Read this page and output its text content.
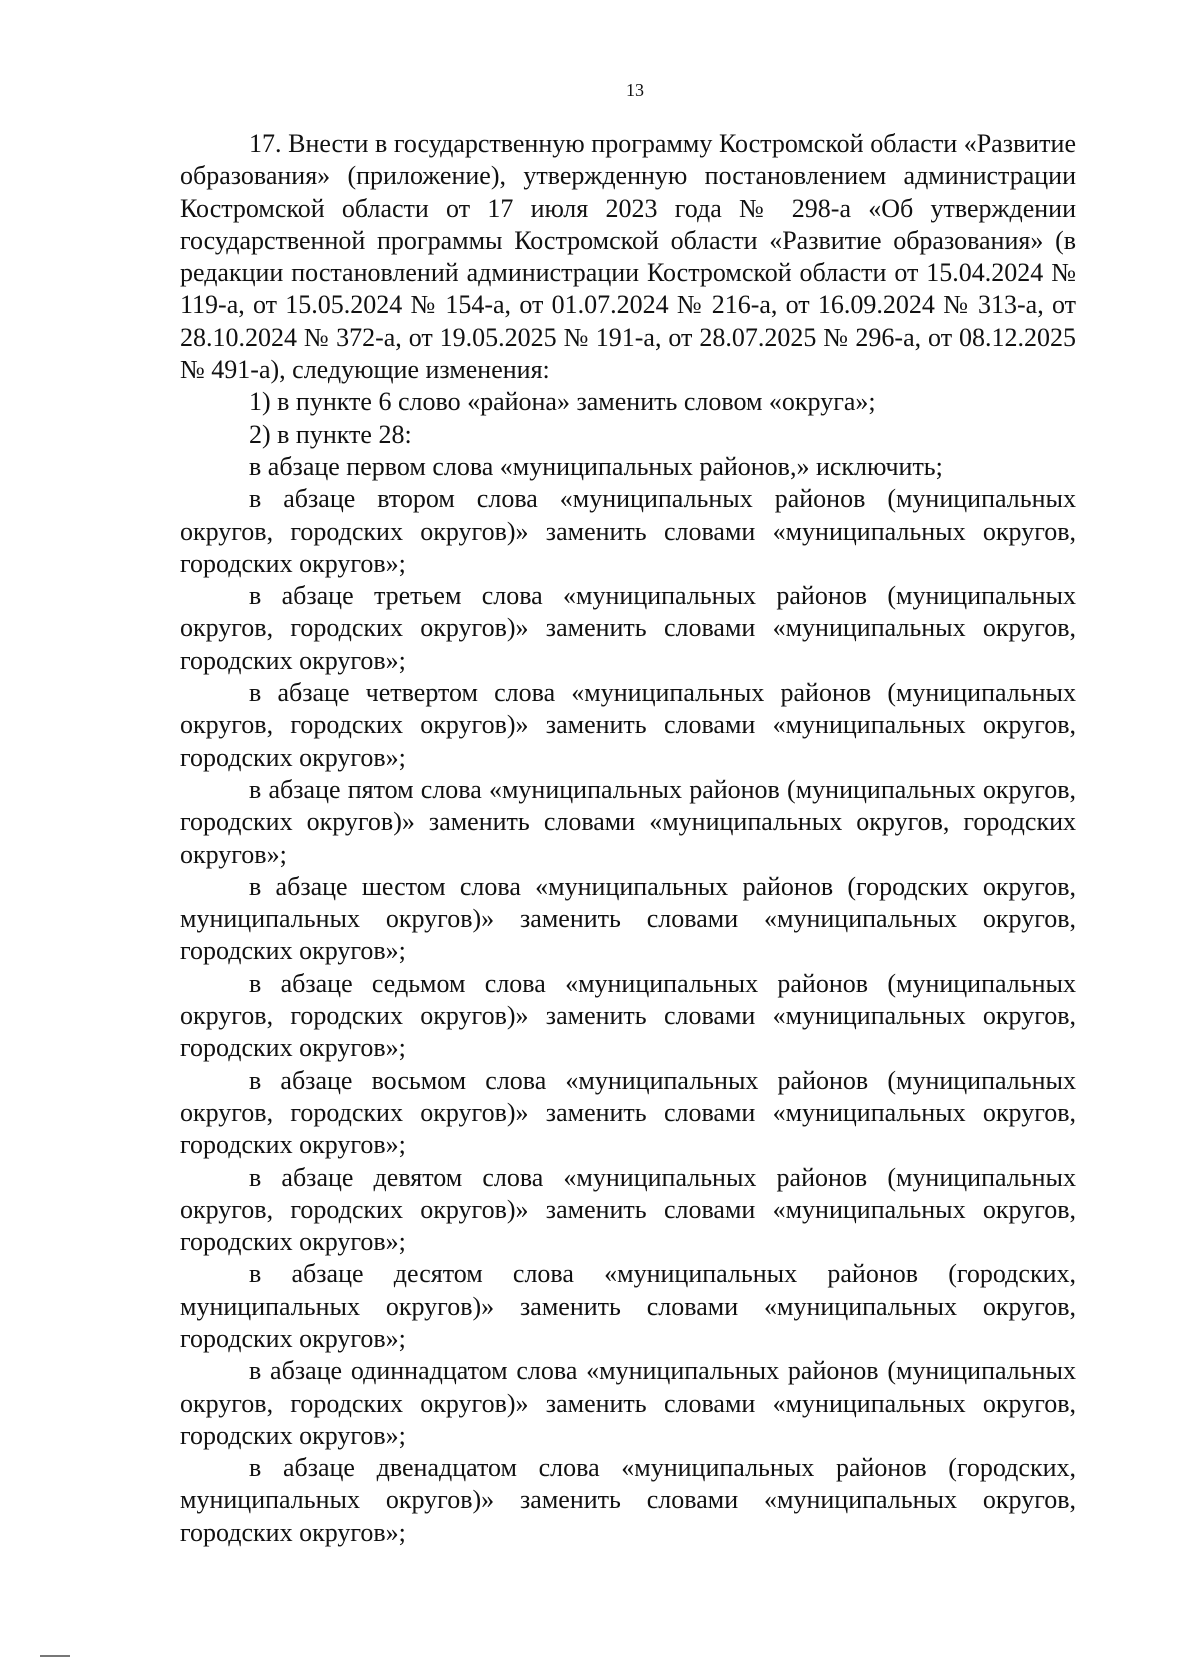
13

17. Внести в государственную программу Костромской области «Развитие образования» (приложение), утвержденную постановлением администрации Костромской области от 17 июля 2023 года № 298-а «Об утверждении государственной программы Костромской области «Развитие образования» (в редакции постановлений администрации Костромской области от 15.04.2024 № 119-а, от 15.05.2024 № 154-а, от 01.07.2024 № 216-а, от 16.09.2024 № 313-а, от 28.10.2024 № 372-а, от 19.05.2025 № 191-а, от 28.07.2025 № 296-а, от 08.12.2025 № 491-а), следующие изменения:

1) в пункте 6 слово «района» заменить словом «округа»;

2) в пункте 28:

в абзаце первом слова «муниципальных районов,» исключить;

в абзаце втором слова «муниципальных районов (муниципальных округов, городских округов)» заменить словами «муниципальных округов, городских округов»;

в абзаце третьем слова «муниципальных районов (муниципальных округов, городских округов)» заменить словами «муниципальных округов, городских округов»;

в абзаце четвертом слова «муниципальных районов (муниципальных округов, городских округов)» заменить словами «муниципальных округов, городских округов»;

в абзаце пятом слова «муниципальных районов (муниципальных округов, городских округов)» заменить словами «муниципальных округов, городских округов»;

в абзаце шестом слова «муниципальных районов (городских округов, муниципальных округов)» заменить словами «муниципальных округов, городских округов»;

в абзаце седьмом слова «муниципальных районов (муниципальных округов, городских округов)» заменить словами «муниципальных округов, городских округов»;

в абзаце восьмом слова «муниципальных районов (муниципальных округов, городских округов)» заменить словами «муниципальных округов, городских округов»;

в абзаце девятом слова «муниципальных районов (муниципальных округов, городских округов)» заменить словами «муниципальных округов, городских округов»;

в абзаце десятом слова «муниципальных районов (городских, муниципальных округов)» заменить словами «муниципальных округов, городских округов»;

в абзаце одиннадцатом слова «муниципальных районов (муниципальных округов, городских округов)» заменить словами «муниципальных округов, городских округов»;

в абзаце двенадцатом слова «муниципальных районов (городских, муниципальных округов)» заменить словами «муниципальных округов, городских округов»;
